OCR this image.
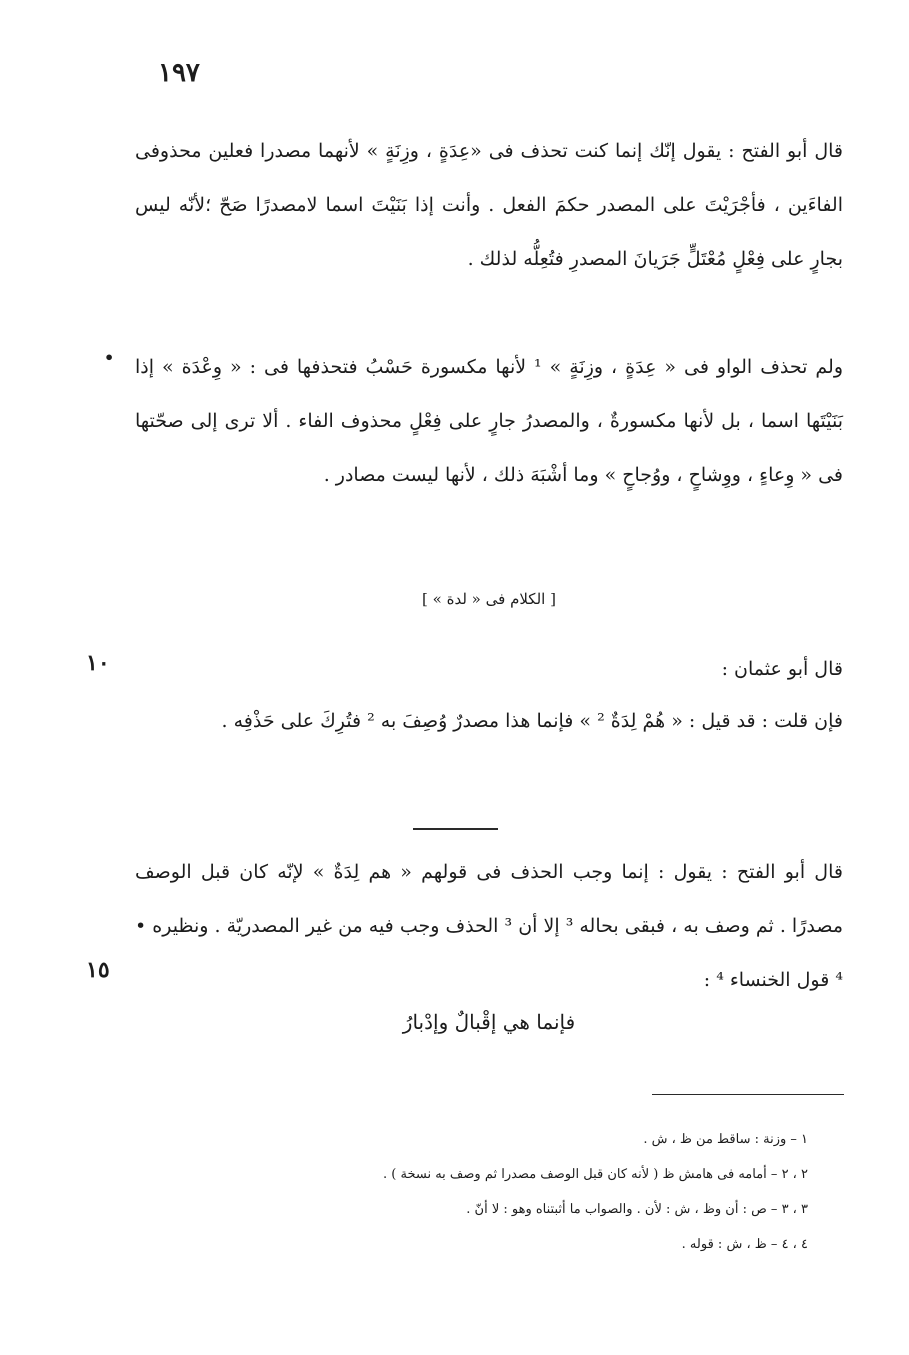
١٩٧
قال أبو الفتح : يقول إنّك إنما كنت تحذف فى «عِدَةٍ ، وزِنَةٍ » لأنهما مصدرا فعلين محذوفى الفاءَين ، فأجْرَيْتَ على المصدر حكمَ الفعل . وأنت إذا بَنَيْتَ اسما لامصدرًا صَحّ ؛لأنّه ليس بجارٍ على فِعْلٍ مُعْتَلٍّ جَرَيانَ المصدرِ فتُعِلُّه لذلك .
• ولم تحذف الواو فى « عِدَةٍ ، وزِنَةٍ » ¹ لأنها مكسورة حَسْبُ فتحذفها فى : « وِعْدَة » إذا بَنَيْتَها اسما ، بل لأنها مكسورةٌ ، والمصدرُ جارٍ على فِعْلٍ محذوف الفاء . ألا ترى إلى صحّتها فى « وِعاءٍ ، ووِشاحٍ ، ووُجاحٍ » وما أشْبَهَ ذلك ، لأنها ليست مصادر .
[ الكلام فى « لدة » ]
١٠	قال أبو عثمان :
فإن قلت : قد قيل : « هُمْ لِدَةٌ ² » فإنما هذا مصدرٌ وُصِفَ به ² فتُرِكَ على حَذْفِه .
قال أبو الفتح : يقول : إنما وجب الحذف فى قولهم « هم لِدَةٌ » لإنّه كان قبل الوصف مصدرًا . ثم وصف به ، فبقى بحاله ³ إلا أن ³ الحذف وجب فيه من غير المصدريّة . ونظيره • ⁴ قول الخنساء ⁴ :
١٥
فإنما هي إقْبالٌ وإدْبارُ
١ – وزنة : ساقط من ظ ، ش .
٢ ، ٢ – أمامه فى هامش ظ ( لأنه كان قبل الوصف مصدرا ثم وصف به نسخة ) .
٣ ، ٣ – ص : أن وظ ، ش : لأن . والصواب ما أثبتناه وهو : لا أنّ .
٤ ، ٤ – ظ ، ش : قوله .
